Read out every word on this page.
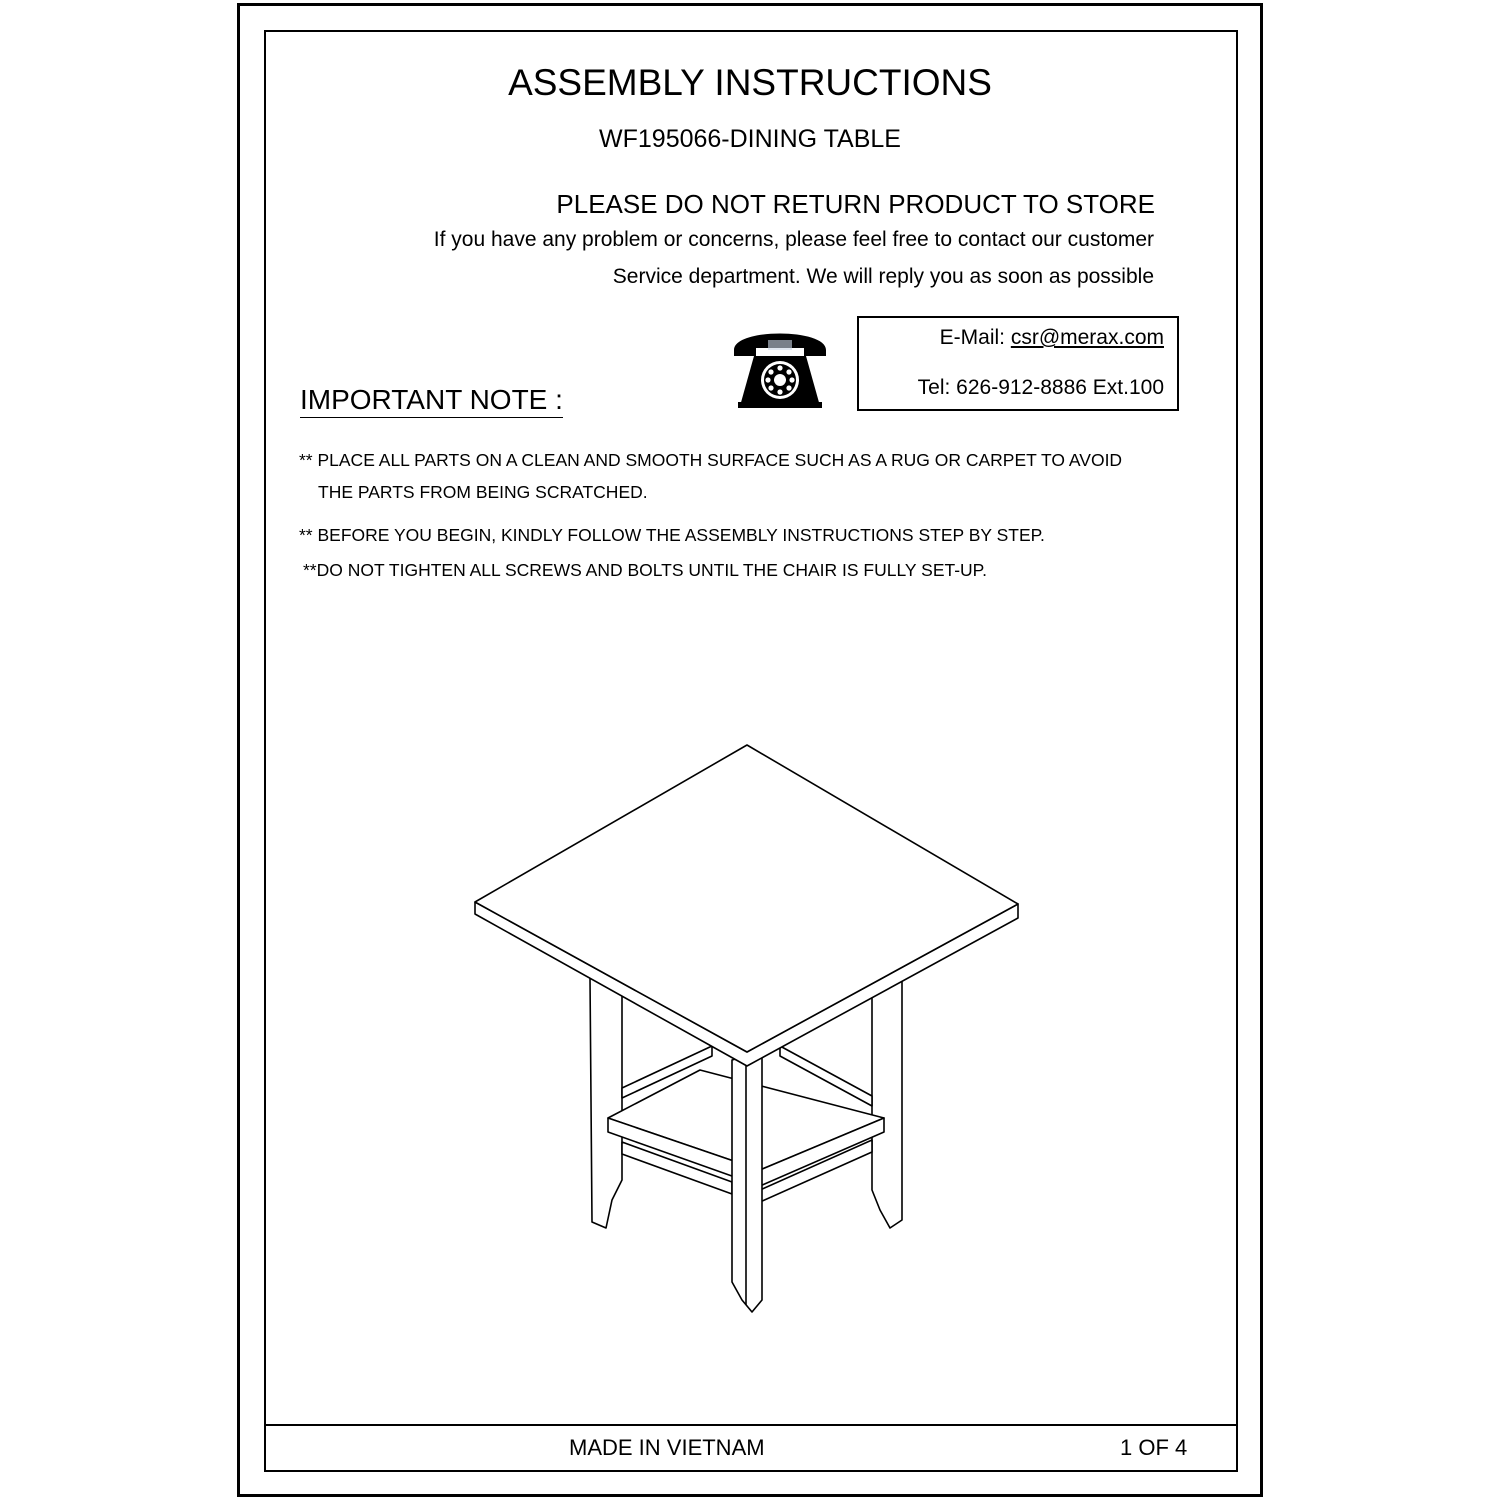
ASSEMBLY INSTRUCTIONS
WF195066-DINING TABLE
PLEASE DO NOT RETURN PRODUCT TO STORE
If you have any problem or concerns, please feel free to contact our customer
Service department. We will reply you as soon as possible
E-Mail: csr@merax.com
Tel: 626-912-8886 Ext.100
IMPORTANT NOTE :
** PLACE ALL PARTS ON A CLEAN AND SMOOTH SURFACE SUCH AS A RUG OR CARPET TO AVOID
THE PARTS FROM BEING SCRATCHED.
** BEFORE YOU BEGIN, KINDLY FOLLOW THE ASSEMBLY INSTRUCTIONS STEP BY STEP.
**DO NOT TIGHTEN ALL SCREWS AND BOLTS UNTIL THE CHAIR IS FULLY SET-UP.
MADE IN VIETNAM	1 OF 4
